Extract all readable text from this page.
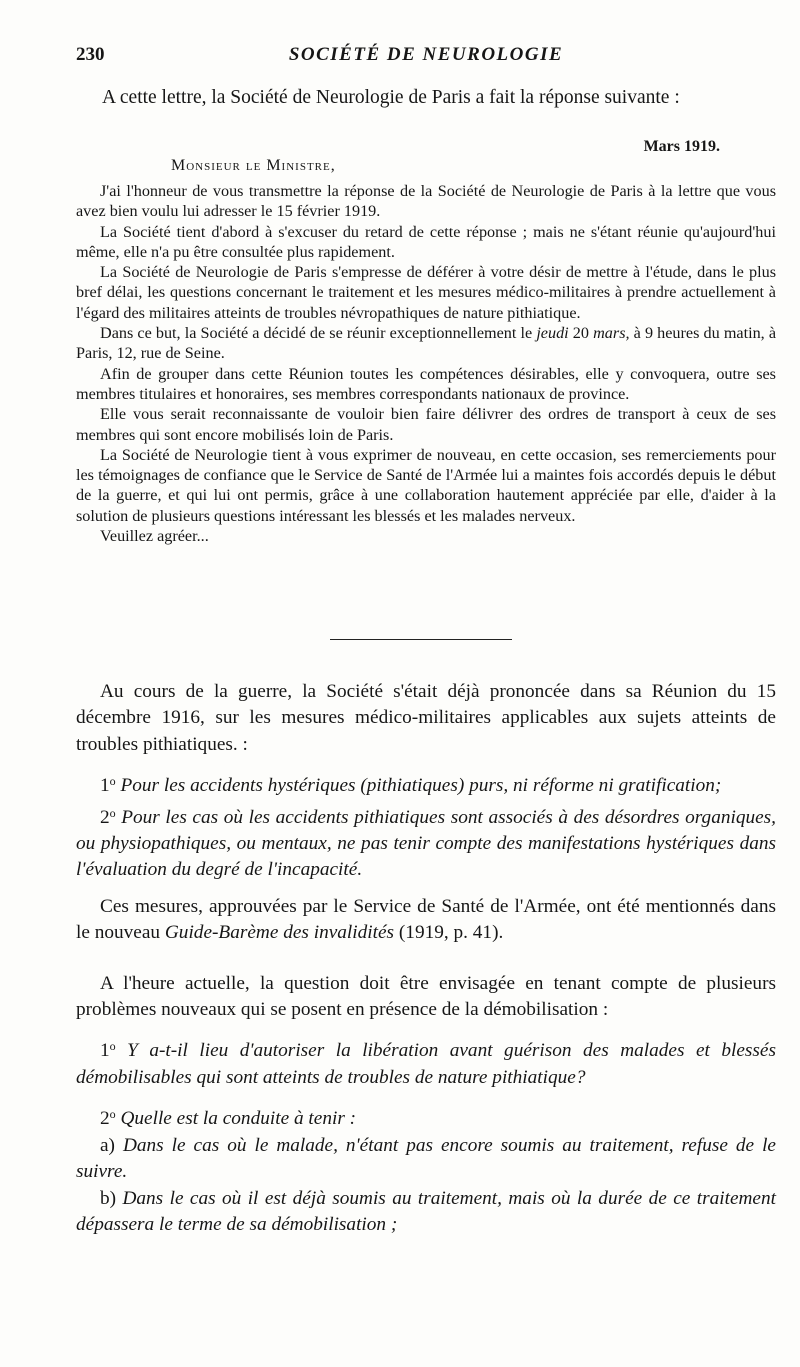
230	SOCIÉTÉ DE NEUROLOGIE
A cette lettre, la Société de Neurologie de Paris a fait la réponse suivante :
Mars 1919.
Monsieur le Ministre,

J'ai l'honneur de vous transmettre la réponse de la Société de Neurologie de Paris à la lettre que vous avez bien voulu lui adresser le 15 février 1919.

La Société tient d'abord à s'excuser du retard de cette réponse ; mais ne s'étant réunie qu'aujourd'hui même, elle n'a pu être consultée plus rapidement.

La Société de Neurologie de Paris s'empresse de déférer à votre désir de mettre à l'étude, dans le plus bref délai, les questions concernant le traitement et les mesures médico-militaires à prendre actuellement à l'égard des militaires atteints de troubles névropathiques de nature pithiatique.

Dans ce but, la Société a décidé de se réunir exceptionnellement le jeudi 20 mars, à 9 heures du matin, à Paris, 12, rue de Seine.

Afin de grouper dans cette Réunion toutes les compétences désirables, elle y convoquera, outre ses membres titulaires et honoraires, ses membres correspondants nationaux de province.

Elle vous serait reconnaissante de vouloir bien faire délivrer des ordres de transport à ceux de ses membres qui sont encore mobilisés loin de Paris.

La Société de Neurologie tient à vous exprimer de nouveau, en cette occasion, ses remerciements pour les témoignages de confiance que le Service de Santé de l'Armée lui a maintes fois accordés depuis le début de la guerre, et qui lui ont permis, grâce à une collaboration hautement appréciée par elle, d'aider à la solution de plusieurs questions intéressant les blessés et les malades nerveux.

Veuillez agréer...

Au cours de la guerre, la Société s'était déjà prononcée dans sa Réunion du 15 décembre 1916, sur les mesures médico-militaires applicables aux sujets atteints de troubles pithiatiques. :

1$^o$ Pour les accidents hystériques (pithiatiques) purs, ni réforme ni gratification;

2$^o$ Pour les cas où les accidents pithiatiques sont associés à des désordres organiques, ou physiopathiques, ou mentaux, ne pas tenir compte des manifestations hystériques dans l'évaluation du degré de l'incapacité.

Ces mesures, approuvées par le Service de Santé de l'Armée, ont été mentionnés dans le nouveau Guide-Barème des invalidités (1919, p. 41).

A l'heure actuelle, la question doit être envisagée en tenant compte de plusieurs problèmes nouveaux qui se posent en présence de la démobilisation :

1$^o$ Y a-t-il lieu d'autoriser la libération avant guérison des malades et blessés démobilisables qui sont atteints de troubles de nature pithiatique?

2$^o$ Quelle est la conduite à tenir :

a) Dans le cas où le malade, n'étant pas encore soumis au traitement, refuse de le suivre.

b) Dans le cas où il est déjà soumis au traitement, mais où la durée de ce traitement dépassera le terme de sa démobilisation ;
